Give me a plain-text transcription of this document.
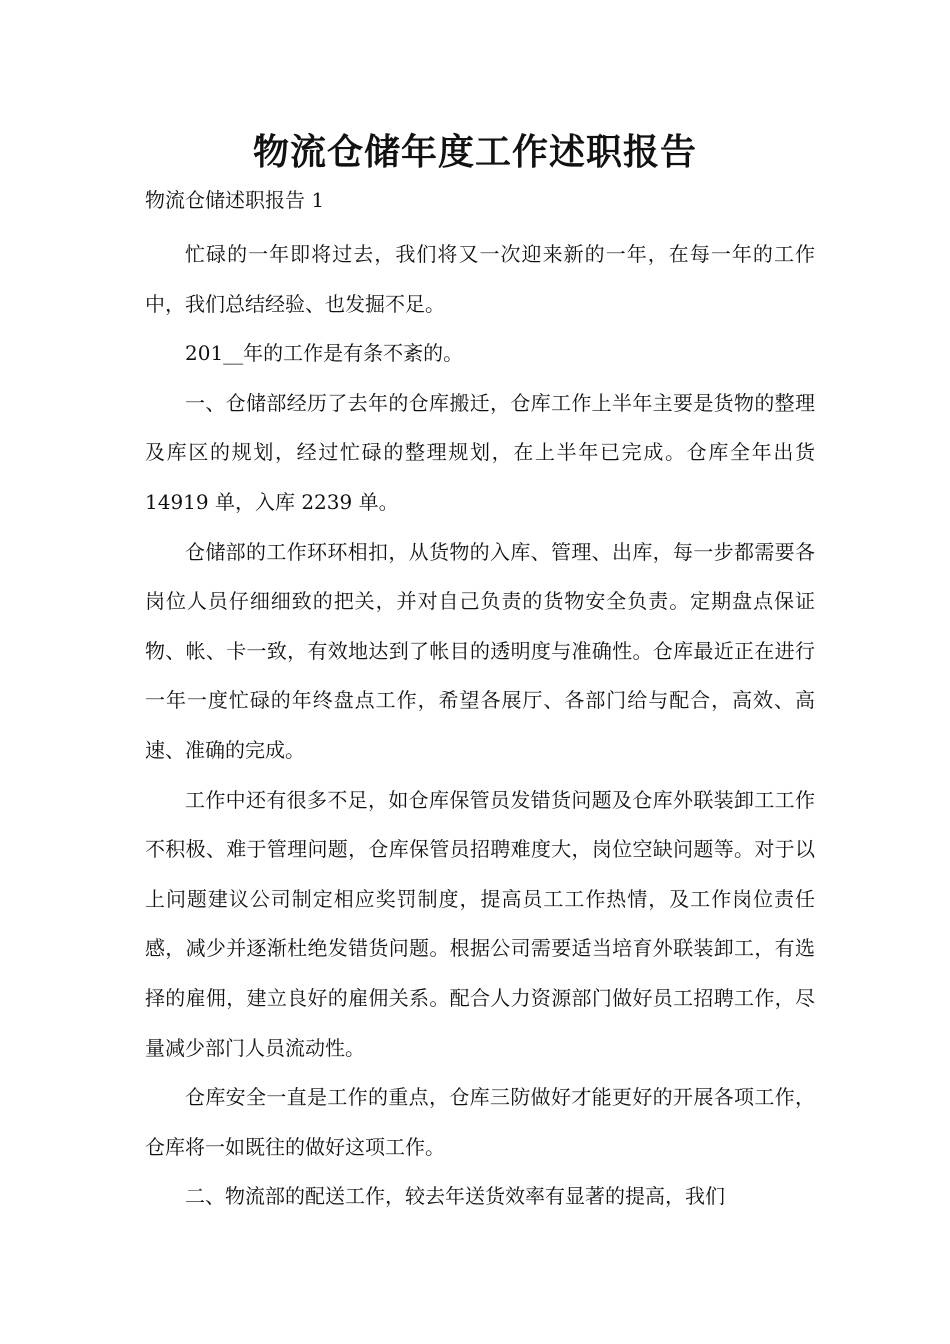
物流仓储年度工作述职报告

物流仓储述职报告 1

忙碌的一年即将过去，我们将又一次迎来新的一年，在每一年的工作中，我们总结经验、也发掘不足。

201__年的工作是有条不紊的。

一、仓储部经历了去年的仓库搬迁，仓库工作上半年主要是货物的整理及库区的规划，经过忙碌的整理规划，在上半年已完成。仓库全年出货 14919 单，入库 2239 单。

仓储部的工作环环相扣，从货物的入库、管理、出库，每一步都需要各岗位人员仔细细致的把关，并对自己负责的货物安全负责。定期盘点保证物、帐、卡一致，有效地达到了帐目的透明度与准确性。仓库最近正在进行一年一度忙碌的年终盘点工作，希望各展厅、各部门给与配合，高效、高速、准确的完成。

工作中还有很多不足，如仓库保管员发错货问题及仓库外联装卸工工作不积极、难于管理问题，仓库保管员招聘难度大，岗位空缺问题等。对于以上问题建议公司制定相应奖罚制度，提高员工工作热情，及工作岗位责任感，减少并逐渐杜绝发错货问题。根据公司需要适当培育外联装卸工，有选择的雇佣，建立良好的雇佣关系。配合人力资源部门做好员工招聘工作，尽量减少部门人员流动性。

仓库安全一直是工作的重点，仓库三防做好才能更好的开展各项工作，仓库将一如既往的做好这项工作。

二、物流部的配送工作，较去年送货效率有显著的提高，我们
